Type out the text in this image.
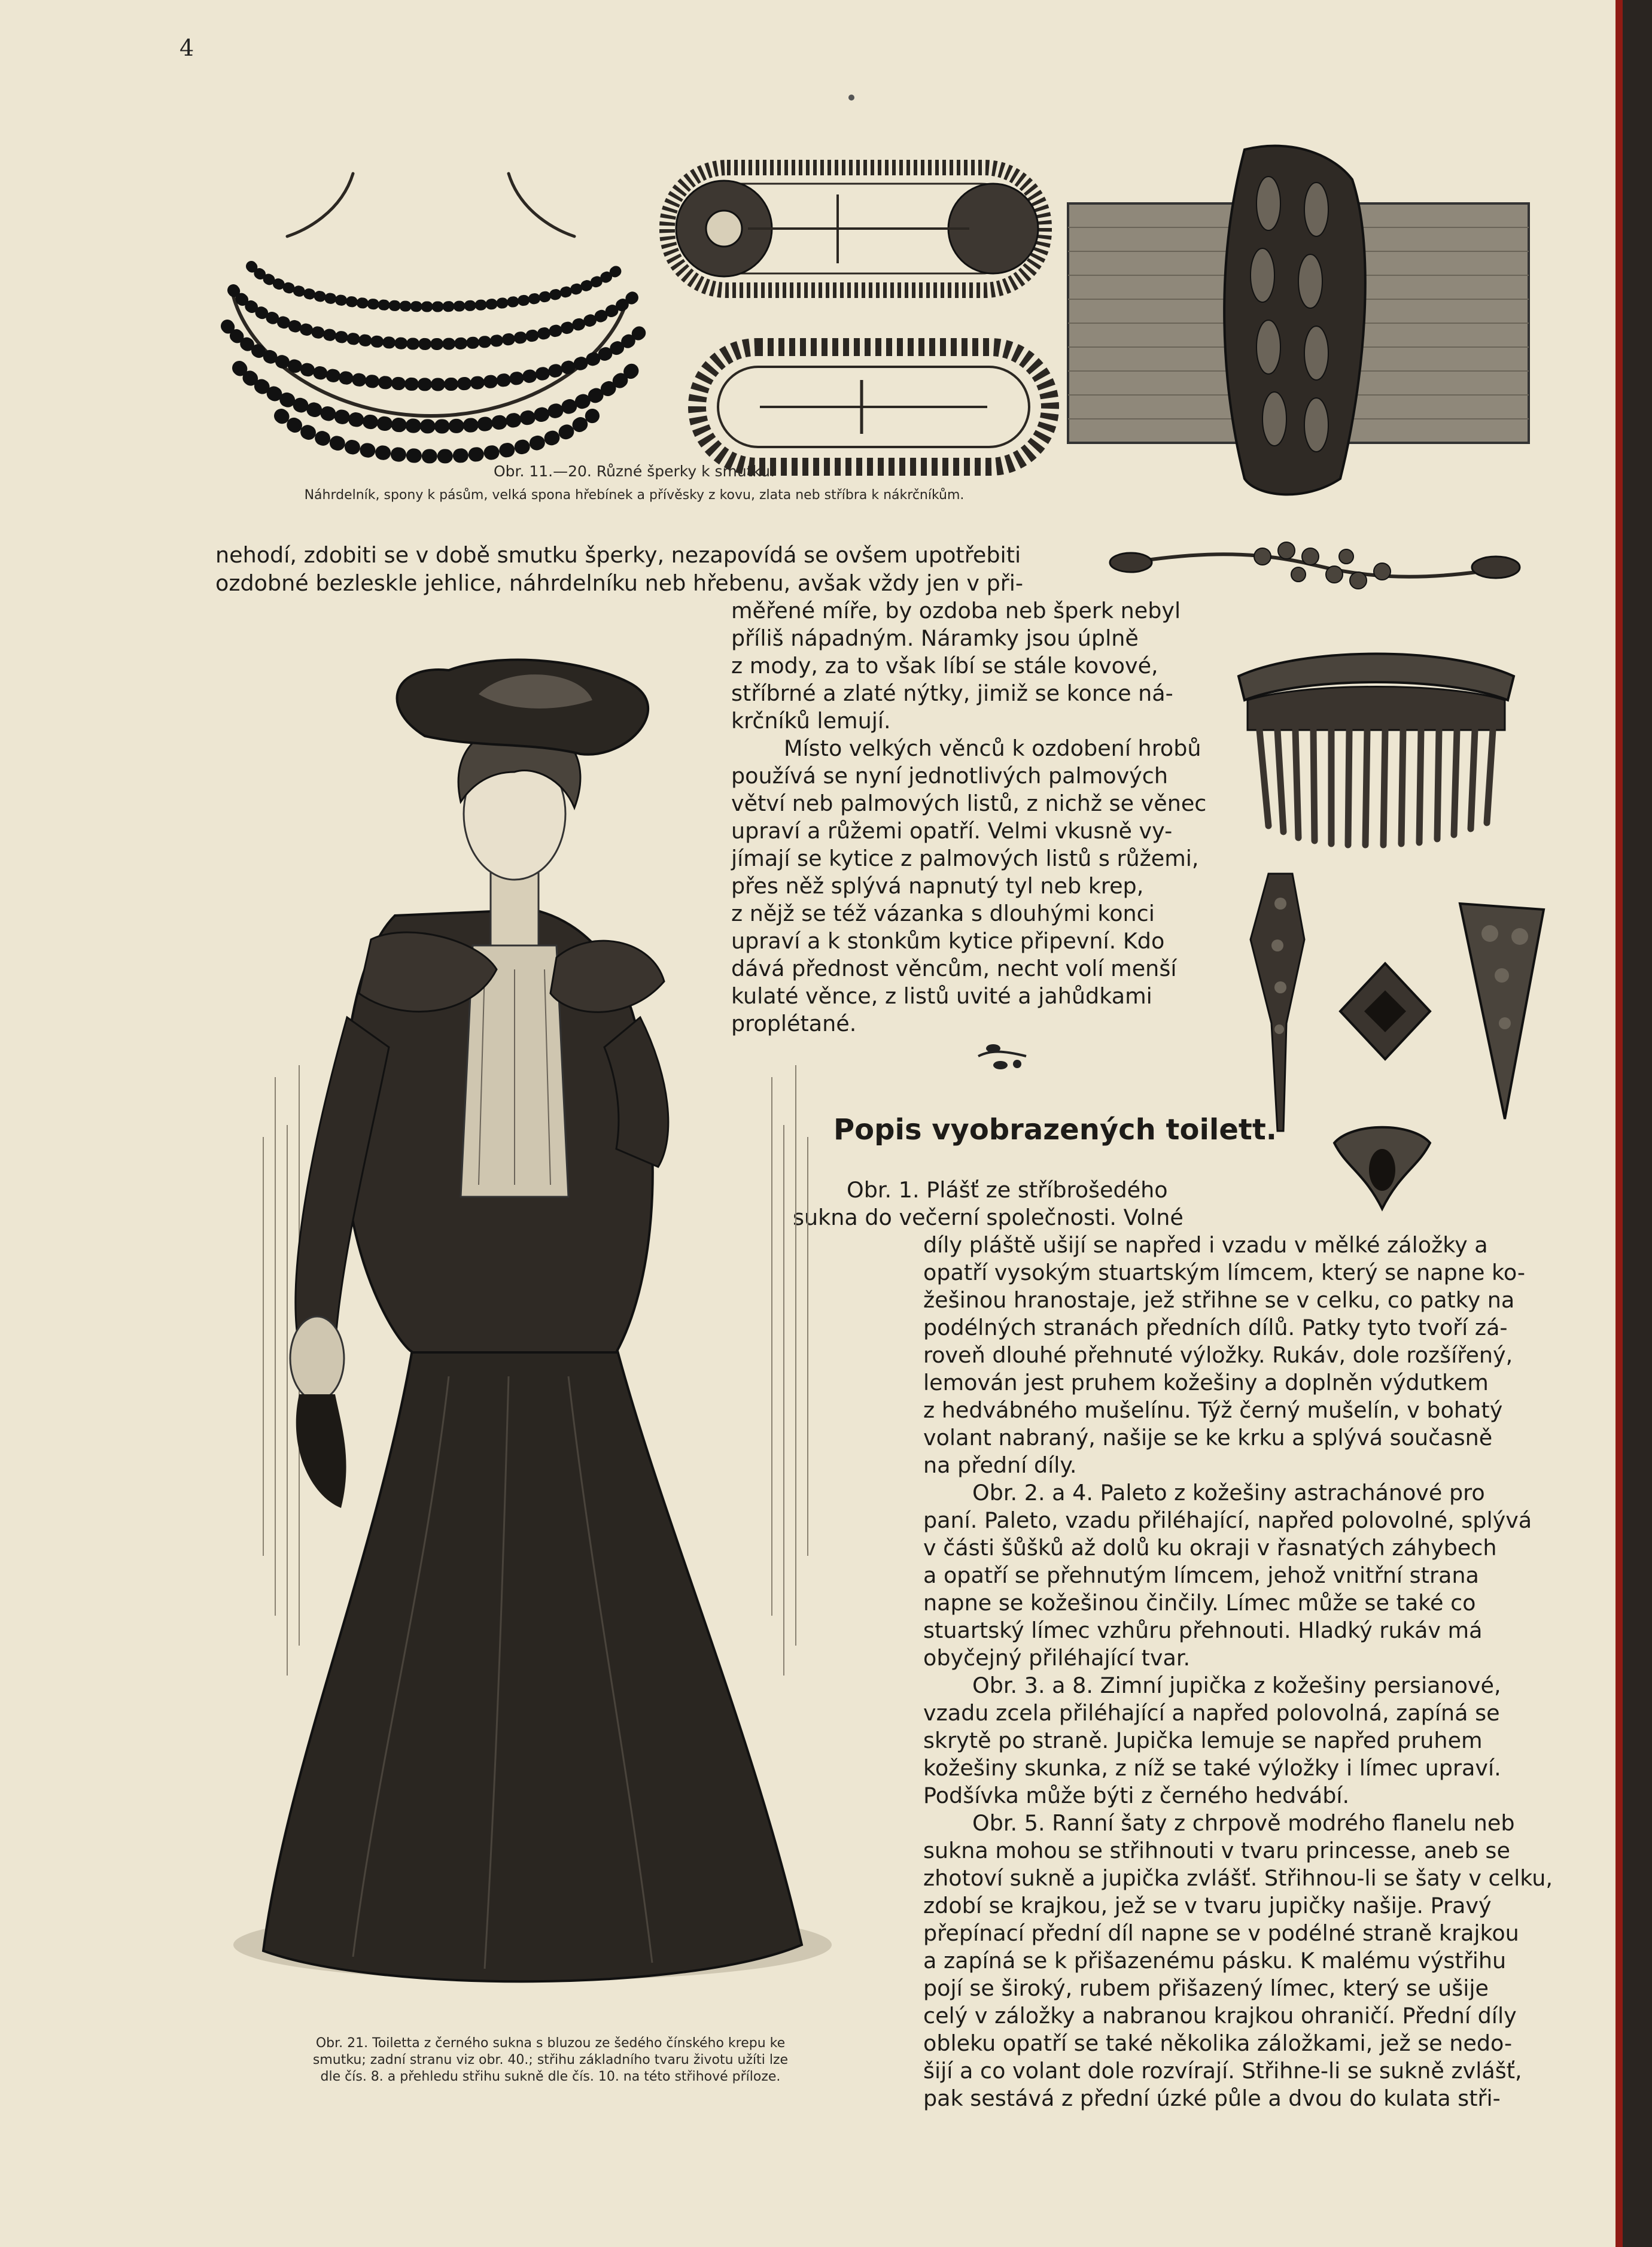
4
Obr. 11.—20. Různé šperky k smutku.
Náhrdelník, spony k pásům, velká spona hřebínek a přívěsky z kovu, zlata neb stříbra k nákrčníkům.
nehodí, zdobiti se v době smutku šperky, nezapovídá se ovšem upotřebiti
ozdobné bezleskle jehlice, náhrdelníku neb hřebenu, avšak vždy jen v při-
měřené míře, by ozdoba neb šperk nebyl
příliš nápadným. Náramky jsou úplně
z mody, za to však líbí se stále kovové,
stříbrné a zlaté nýtky, jimiž se konce ná-
krčníků lemují.
Místo velkých věnců k ozdobení hrobů
používá se nyní jednotlivých palmových
větví neb palmových listů, z nichž se věnec
upraví a růžemi opatří. Velmi vkusně vy-
jímají se kytice z palmových listů s růžemi,
přes něž splývá napnutý tyl neb krep,
z nějž se též vázanka s dlouhými konci
upraví a k stonkům kytice připevní. Kdo
dává přednost věncům, necht volí menší
kulaté věnce, z listů uvité a jahůdkami
proplétané.
Popis vyobrazených toilett.
Obr. 1. Plášť ze stříbrošedého
sukna do večerní společnosti. Volné
díly pláště ušijí se napřed i vzadu v mělké záložky a
opatří vysokým stuartským límcem, který se napne ko-
žešinou hranostaje, jež střihne se v celku, co patky na
podélných stranách předních dílů. Patky tyto tvoří zá-
roveň dlouhé přehnuté výložky. Rukáv, dole rozšířený,
lemován jest pruhem kožešiny a doplněn výdutkem
z hedvábného mušelínu. Týž černý mušelín, v bohatý
volant nabraný, našije se ke krku a splývá současně
na přední díly.
Obr. 2. a 4. Paleto z kožešiny astrachánové pro
paní. Paleto, vzadu přiléhající, napřed polovolné, splývá
v části šůšků až dolů ku okraji v řasnatých záhybech
a opatří se přehnutým límcem, jehož vnitřní strana
napne se kožešinou činčily. Límec může se také co
stuartský límec vzhůru přehnouti. Hladký rukáv má
obyčejný přiléhající tvar.
Obr. 3. a 8. Zimní jupička z kožešiny persianové,
vzadu zcela přiléhající a napřed polovolná, zapíná se
skrytě po straně. Jupička lemuje se napřed pruhem
kožešiny skunka, z níž se také výložky i límec upraví.
Podšívka může býti z černého hedvábí.
Obr. 5. Ranní šaty z chrpově modrého flanelu neb
sukna mohou se střihnouti v tvaru princesse, aneb se
zhotoví sukně a jupička zvlášť. Střihnou-li se šaty v celku,
zdobí se krajkou, jež se v tvaru jupičky našije. Pravý
přepínací přední díl napne se v podélné straně krajkou
a zapíná se k přišazenému pásku. K malému výstřihu
pojí se široký, rubem přišazený límec, který se ušije
celý v záložky a nabranou krajkou ohraničí. Přední díly
obleku opatří se také několika záložkami, jež se nedo-
šijí a co volant dole rozvírají. Střihne-li se sukně zvlášť,
pak sestává z přední úzké půle a dvou do kulata stři-
Obr. 21. Toiletta z černého sukna s bluzou ze šedého čínského krepu ke
smutku; zadní stranu viz obr. 40.; střihu základního tvaru životu užíti lze
dle čís. 8. a přehledu střihu sukně dle čís. 10. na této střihové příloze.
